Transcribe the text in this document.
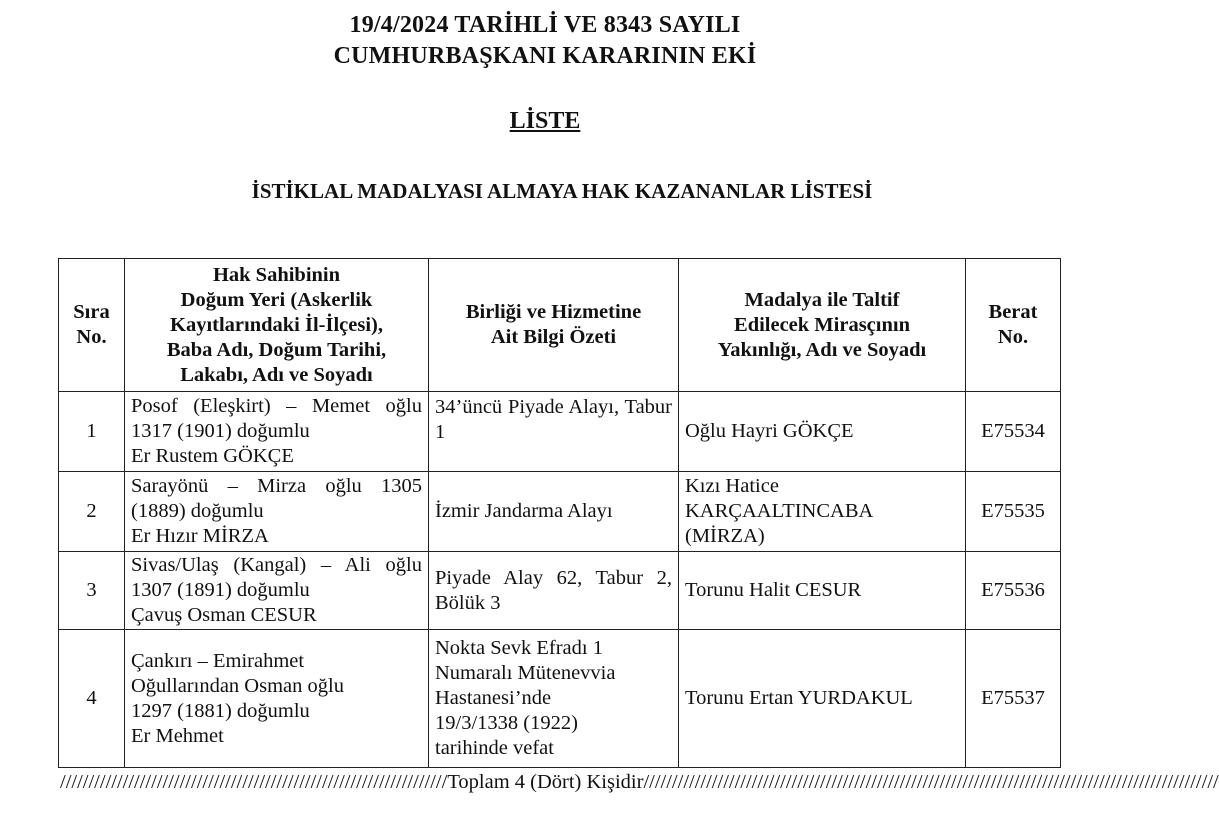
19/4/2024 TARİHLİ VE 8343 SAYILI
CUMHURBAŞKANI KARARININ EKİ
LİSTE
İSTİKLAL MADALYASI ALMAYA HAK KAZANANLAR LİSTESİ
Sıra
No.	Hak Sahibinin
Doğum Yeri (Askerlik
Kayıtlarındaki İl-İlçesi),
Baba Adı, Doğum Tarihi,
Lakabı, Adı ve Soyadı	Birliği ve Hizmetine
Ait Bilgi Özeti	Madalya ile Taltif
Edilecek Mirasçının
Yakınlığı, Adı ve Soyadı	Berat
No.
1	Posof (Eleşkirt) – Memet oğlu 1317 (1901) doğumlu
Er Rustem GÖKÇE	34’üncü Piyade Alayı, Tabur 1	Oğlu Hayri GÖKÇE	E75534
2	Sarayönü – Mirza oğlu 1305 (1889) doğumlu
Er Hızır MİRZA	İzmir Jandarma Alayı	Kızı Hatice
KARÇAALTINCABA
(MİRZA)	E75535
3	Sivas/Ulaş (Kangal) – Ali oğlu 1307 (1891) doğumlu
Çavuş Osman CESUR	Piyade Alay 62, Tabur 2, Bölük 3	Torunu Halit CESUR	E75536
4	Çankırı – Emirahmet
Oğullarından Osman oğlu
1297 (1881) doğumlu
Er Mehmet	Nokta Sevk Efradı 1
Numaralı Mütenevvia
Hastanesi’nde
19/3/1338 (1922)
tarihinde vefat	Torunu Ertan YURDAKUL	E75537
////////////////////////////////////////////////////////////////////Toplam 4 (Dört) Kişidir/////////////////////////////////////////////////////////////////////////////////////////////////////
